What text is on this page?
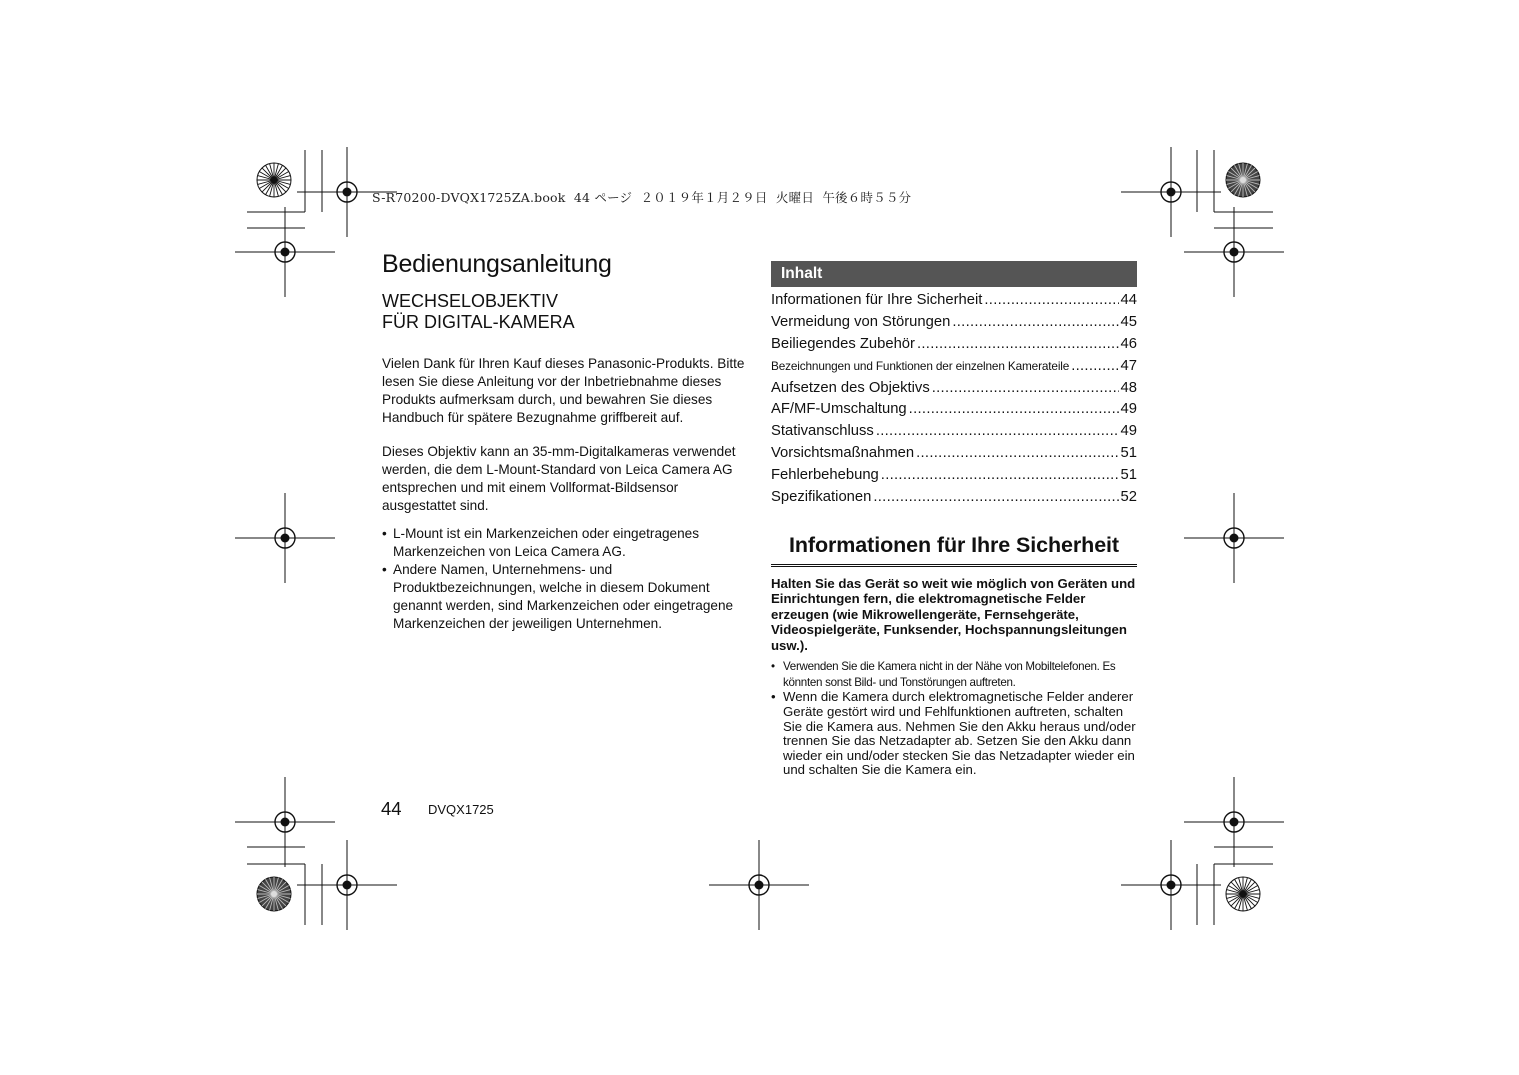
S-R70200-DVQX1725ZA.book  44 ページ  ２０１９年１月２９日  火曜日  午後６時５５分
Bedienungsanleitung
WECHSELOBJEKTIV
FÜR DIGITAL-KAMERA
Vielen Dank für Ihren Kauf dieses Panasonic-Produkts. Bitte lesen Sie diese Anleitung vor der Inbetriebnahme dieses Produkts aufmerksam durch, und bewahren Sie dieses Handbuch für spätere Bezugnahme griffbereit auf.
Dieses Objektiv kann an 35-mm-Digitalkameras verwendet werden, die dem L-Mount-Standard von Leica Camera AG entsprechen und mit einem Vollformat-Bildsensor ausgestattet sind.
• L-Mount ist ein Markenzeichen oder eingetragenes Markenzeichen von Leica Camera AG.
• Andere Namen, Unternehmens- und Produktbezeichnungen, welche in diesem Dokument genannt werden, sind Markenzeichen oder eingetragene Markenzeichen der jeweiligen Unternehmen.
44 DVQX1725
Inhalt
Informationen für Ihre Sicherheit .....	44
Vermeidung von Störungen .....	45
Beiliegendes Zubehör .....	46
Bezeichnungen und Funktionen der einzelnen Kamerateile .....	47
Aufsetzen des Objektivs .....	48
AF/MF-Umschaltung .....	49
Stativanschluss .....	49
Vorsichtsmaßnahmen .....	51
Fehlerbehebung .....	51
Spezifikationen .....	52
Informationen für Ihre Sicherheit
Halten Sie das Gerät so weit wie möglich von Geräten und Einrichtungen fern, die elektromagnetische Felder erzeugen (wie Mikrowellengeräte, Fernsehgeräte, Videospielgeräte, Funksender, Hochspannungsleitungen usw.).
• Verwenden Sie die Kamera nicht in der Nähe von Mobiltelefonen. Es könnten sonst Bild- und Tonstörungen auftreten.
• Wenn die Kamera durch elektromagnetische Felder anderer Geräte gestört wird und Fehlfunktionen auftreten, schalten Sie die Kamera aus. Nehmen Sie den Akku heraus und/oder trennen Sie das Netzadapter ab. Setzen Sie den Akku dann wieder ein und/oder stecken Sie das Netzadapter wieder ein und schalten Sie die Kamera ein.
